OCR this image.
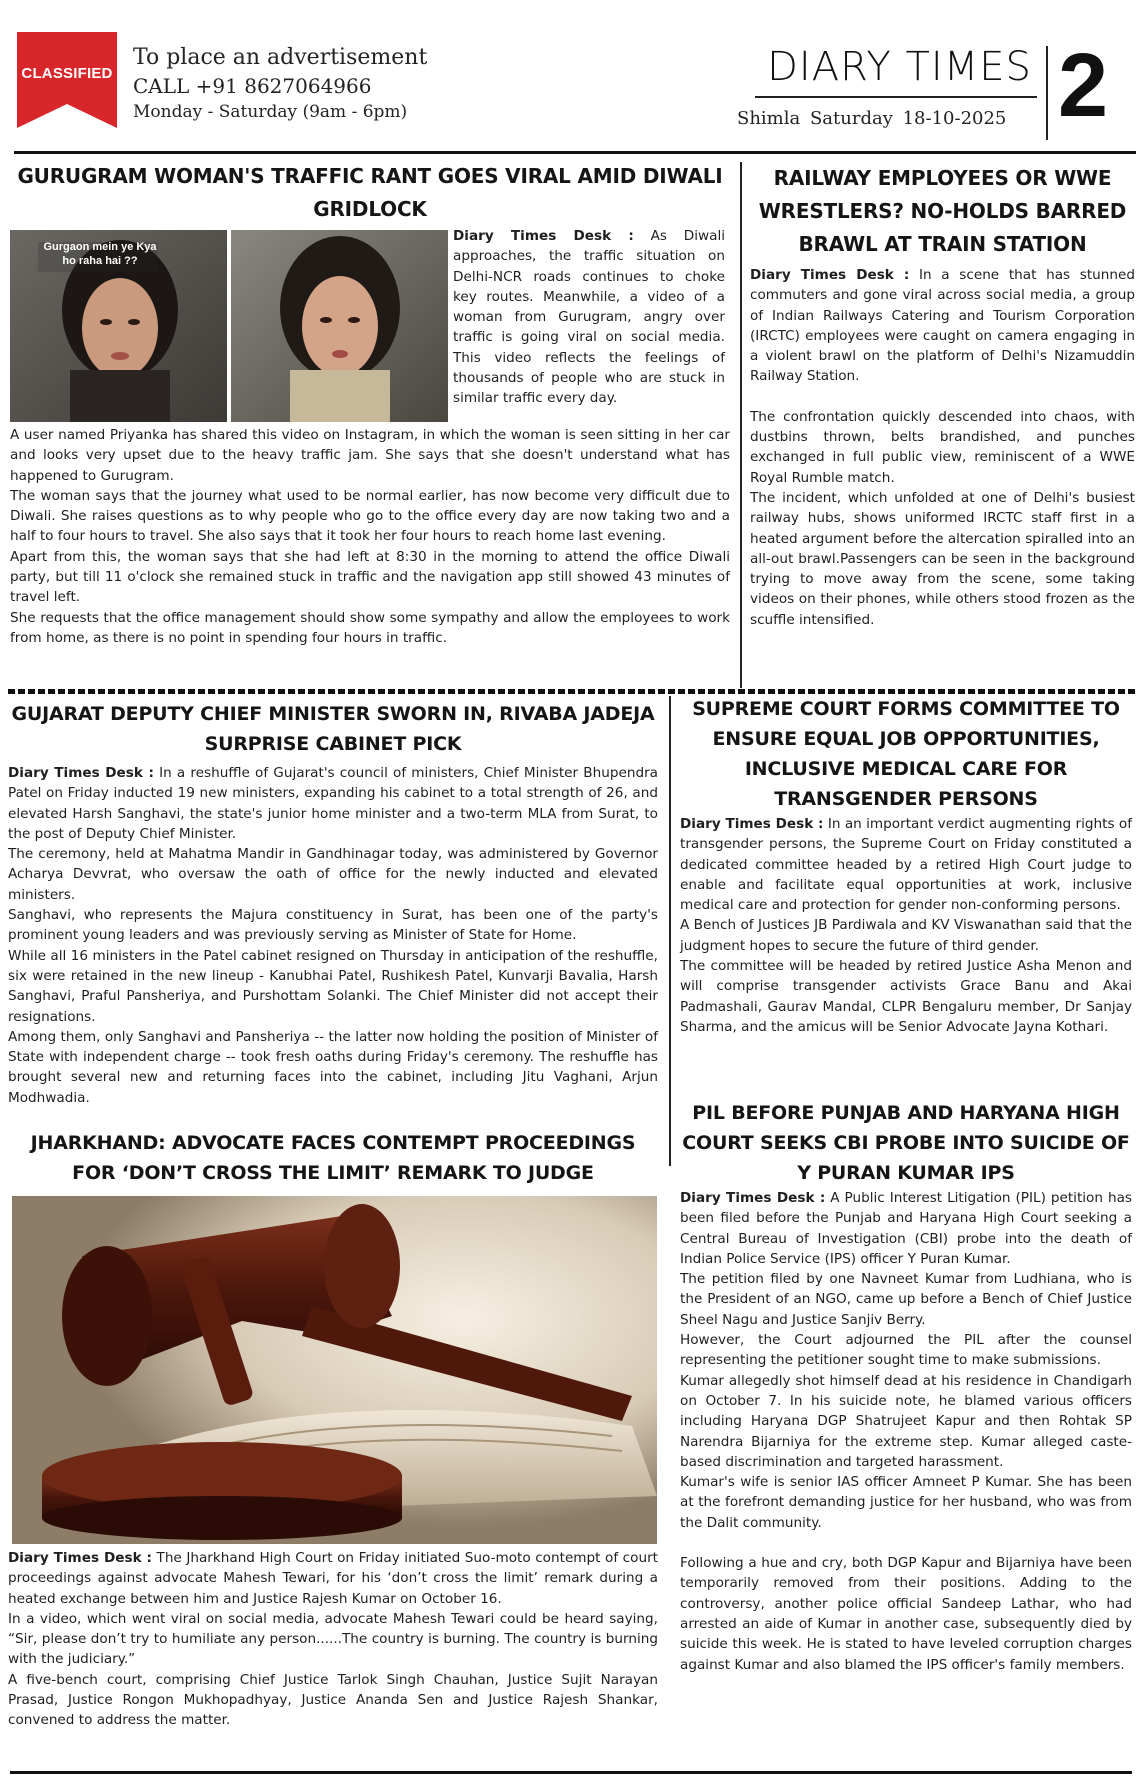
CLASSIFIED
To place an advertisement
CALL +91 8627064966
Monday - Saturday (9am - 6pm)
DIARY TIMES
Shimla Saturday 18-10-2025 2
GURUGRAM WOMAN'S TRAFFIC RANT GOES VIRAL AMID DIWALI GRIDLOCK
Gurgaon mein ye Kya ho raha hai ??

Diary Times Desk : As Diwali approaches, the traffic situation on Delhi-NCR roads continues to choke key routes. Meanwhile, a video of a woman from Gurugram, angry over traffic is going viral on social media. This video reflects the feelings of thousands of people who are stuck in similar traffic every day.

A user named Priyanka has shared this video on Instagram, in which the woman is seen sitting in her car and looks very upset due to the heavy traffic jam. She says that she doesn't understand what has happened to Gurugram.

The woman says that the journey what used to be normal earlier, has now become very difficult due to Diwali. She raises questions as to why people who go to the office every day are now taking two and a half to four hours to travel. She also says that it took her four hours to reach home last evening.

Apart from this, the woman says that she had left at 8:30 in the morning to attend the office Diwali party, but till 11 o'clock she remained stuck in traffic and the navigation app still showed 43 minutes of travel left.

She requests that the office management should show some sympathy and allow the employees to work from home, as there is no point in spending four hours in traffic.

RAILWAY EMPLOYEES OR WWE WRESTLERS? NO-HOLDS BARRED BRAWL AT TRAIN STATION

Diary Times Desk : In a scene that has stunned commuters and gone viral across social media, a group of Indian Railways Catering and Tourism Corporation (IRCTC) employees were caught on camera engaging in a violent brawl on the platform of Delhi's Nizamuddin Railway Station.

The confrontation quickly descended into chaos, with dustbins thrown, belts brandished, and punches exchanged in full public view, reminiscent of a WWE Royal Rumble match.

The incident, which unfolded at one of Delhi's busiest railway hubs, shows uniformed IRCTC staff first in a heated argument before the altercation spiralled into an all-out brawl.Passengers can be seen in the background trying to move away from the scene, some taking videos on their phones, while others stood frozen as the scuffle intensified.

GUJARAT DEPUTY CHIEF MINISTER SWORN IN, RIVABA JADEJA SURPRISE CABINET PICK

Diary Times Desk : In a reshuffle of Gujarat's council of ministers, Chief Minister Bhupendra Patel on Friday inducted 19 new ministers, expanding his cabinet to a total strength of 26, and elevated Harsh Sanghavi, the state's junior home minister and a two-term MLA from Surat, to the post of Deputy Chief Minister.

The ceremony, held at Mahatma Mandir in Gandhinagar today, was administered by Governor Acharya Devvrat, who oversaw the oath of office for the newly inducted and elevated ministers.

Sanghavi, who represents the Majura constituency in Surat, has been one of the party's prominent young leaders and was previously serving as Minister of State for Home.

While all 16 ministers in the Patel cabinet resigned on Thursday in anticipation of the reshuffle, six were retained in the new lineup - Kanubhai Patel, Rushikesh Patel, Kunvarji Bavalia, Harsh Sanghavi, Praful Pansheriya, and Purshottam Solanki. The Chief Minister did not accept their resignations.

Among them, only Sanghavi and Pansheriya -- the latter now holding the position of Minister of State with independent charge -- took fresh oaths during Friday's ceremony. The reshuffle has brought several new and returning faces into the cabinet, including Jitu Vaghani, Arjun Modhwadia.

SUPREME COURT FORMS COMMITTEE TO ENSURE EQUAL JOB OPPORTUNITIES, INCLUSIVE MEDICAL CARE FOR TRANSGENDER PERSONS

Diary Times Desk : In an important verdict augmenting rights of transgender persons, the Supreme Court on Friday constituted a dedicated committee headed by a retired High Court judge to enable and facilitate equal opportunities at work, inclusive medical care and protection for gender non-conforming persons.

A Bench of Justices JB Pardiwala and KV Viswanathan said that the judgment hopes to secure the future of third gender.

The committee will be headed by retired Justice Asha Menon and will comprise transgender activists Grace Banu and Akai Padmashali, Gaurav Mandal, CLPR Bengaluru member, Dr Sanjay Sharma, and the amicus will be Senior Advocate Jayna Kothari.

JHARKHAND: ADVOCATE FACES CONTEMPT PROCEEDINGS FOR ‘DON’T CROSS THE LIMIT’ REMARK TO JUDGE

Diary Times Desk : The Jharkhand High Court on Friday initiated Suo-moto contempt of court proceedings against advocate Mahesh Tewari, for his ‘don’t cross the limit’ remark during a heated exchange between him and Justice Rajesh Kumar on October 16.

In a video, which went viral on social media, advocate Mahesh Tewari could be heard saying, “Sir, please don’t try to humiliate any person......The country is burning. The country is burning with the judiciary.”

A five-bench court, comprising Chief Justice Tarlok Singh Chauhan, Justice Sujit Narayan Prasad, Justice Rongon Mukhopadhyay, Justice Ananda Sen and Justice Rajesh Shankar, convened to address the matter.

PIL BEFORE PUNJAB AND HARYANA HIGH COURT SEEKS CBI PROBE INTO SUICIDE OF Y PURAN KUMAR IPS

Diary Times Desk : A Public Interest Litigation (PIL) petition has been filed before the Punjab and Haryana High Court seeking a Central Bureau of Investigation (CBI) probe into the death of Indian Police Service (IPS) officer Y Puran Kumar.

The petition filed by one Navneet Kumar from Ludhiana, who is the President of an NGO, came up before a Bench of Chief Justice Sheel Nagu and Justice Sanjiv Berry.

However, the Court adjourned the PIL after the counsel representing the petitioner sought time to make submissions.

Kumar allegedly shot himself dead at his residence in Chandigarh on October 7. In his suicide note, he blamed various officers including Haryana DGP Shatrujeet Kapur and then Rohtak SP Narendra Bijarniya for the extreme step. Kumar alleged caste-based discrimination and targeted harassment.

Kumar's wife is senior IAS officer Amneet P Kumar. She has been at the forefront demanding justice for her husband, who was from the Dalit community.

Following a hue and cry, both DGP Kapur and Bijarniya have been temporarily removed from their positions. Adding to the controversy, another police official Sandeep Lathar, who had arrested an aide of Kumar in another case, subsequently died by suicide this week. He is stated to have leveled corruption charges against Kumar and also blamed the IPS officer's family members.
